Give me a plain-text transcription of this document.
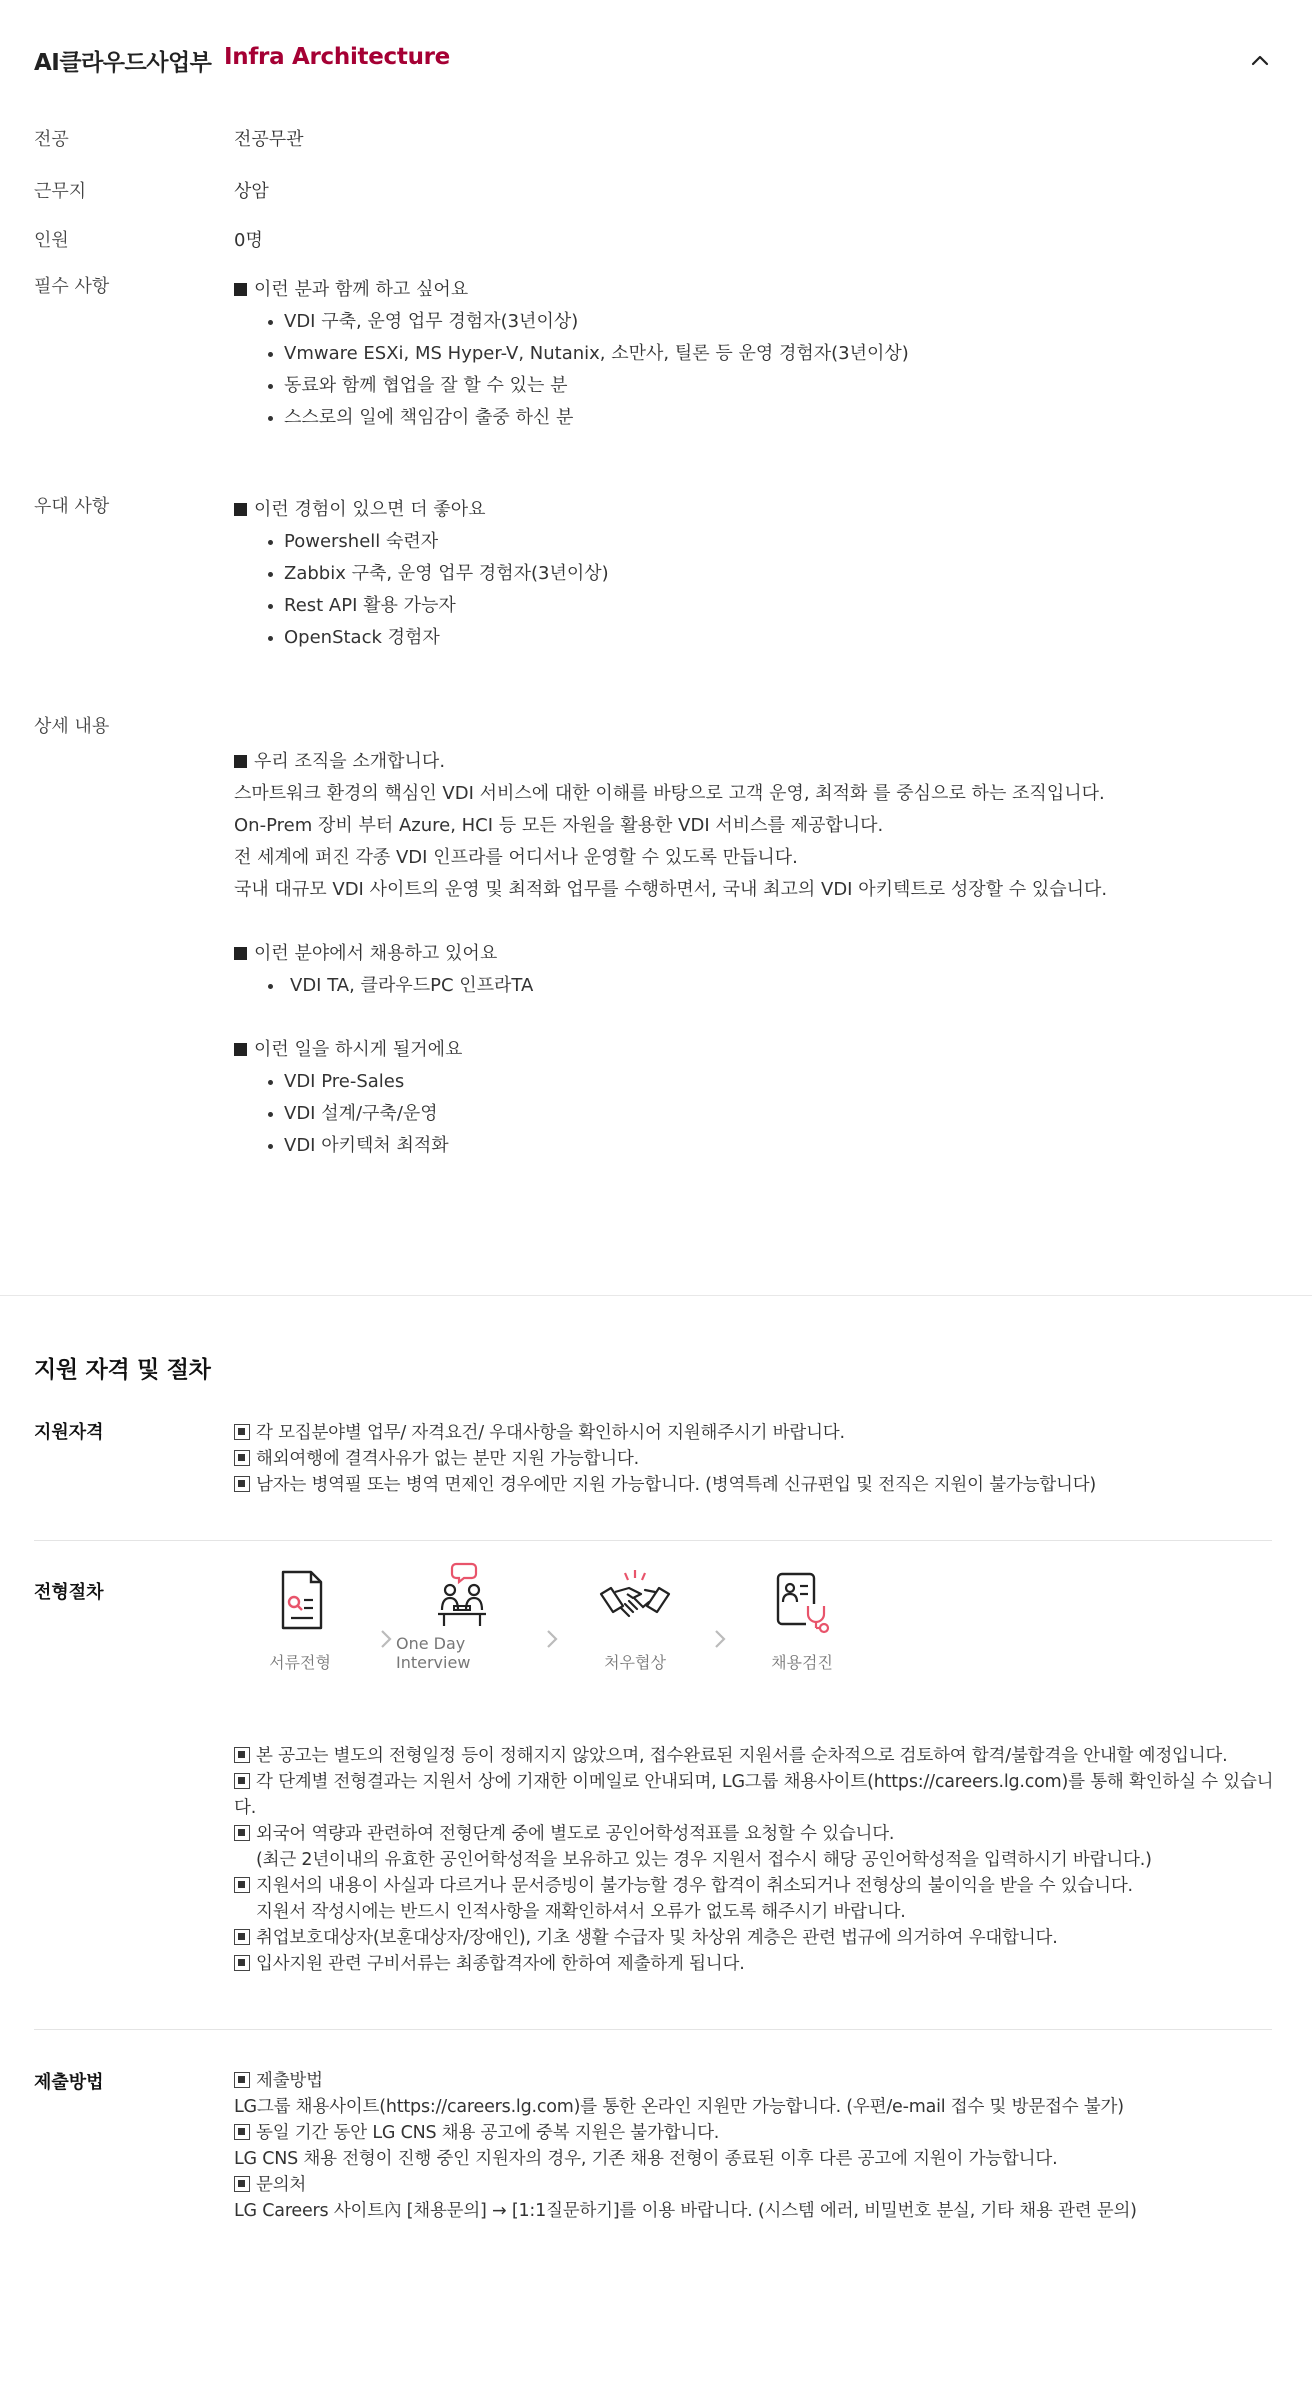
AI클라우드사업부 Infra Architecture
전공	전공무관
근무지	상암
인원	0명
필수 사항	이런 분과 함께 하고 싶어요
VDI 구축, 운영 업무 경험자(3년이상)
Vmware ESXi, MS Hyper-V, Nutanix, 소만사, 틸론 등 운영 경험자(3년이상)
동료와 함께 협업을 잘 할 수 있는 분
스스로의 일에 책임감이 출중 하신 분
우대 사항	이런 경험이 있으면 더 좋아요
Powershell 숙련자
Zabbix 구축, 운영 업무 경험자(3년이상)
Rest API 활용 가능자
OpenStack 경험자
상세 내용
우리 조직을 소개합니다.

스마트워크 환경의 핵심인 VDI 서비스에 대한 이해를 바탕으로 고객 운영, 최적화 를 중심으로 하는 조직입니다.

On-Prem 장비 부터 Azure, HCI 등 모든 자원을 활용한 VDI 서비스를 제공합니다.

전 세계에 퍼진 각종 VDI 인프라를 어디서나 운영할 수 있도록 만듭니다.

국내 대규모 VDI 사이트의 운영 및 최적화 업무를 수행하면서, 국내 최고의 VDI 아키텍트로 성장할 수 있습니다.

이런 분야에서 채용하고 있어요
VDI TA, 클라우드PC 인프라TA
이런 일을 하시게 될거에요
VDI Pre-Sales
VDI 설계/구축/운영
VDI 아키텍처 최적화
지원 자격 및 절차
지원자격	각 모집분야별 업무/ 자격요건/ 우대사항을 확인하시어 지원해주시기 바랍니다.
해외여행에 결격사유가 없는 분만 지원 가능합니다.
남자는 병역필 또는 병역 면제인 경우에만 지원 가능합니다. (병역특례 신규편입 및 전직은 지원이 불가능합니다)
전형절차
서류전형
One Day Interview	처우협상	채용검진
본 공고는 별도의 전형일정 등이 정해지지 않았으며, 접수완료된 지원서를 순차적으로 검토하여 합격/불합격을 안내할 예정입니다.
각 단계별 전형결과는 지원서 상에 기재한 이메일로 안내되며, LG그룹 채용사이트(https://careers.lg.com)를 통해 확인하실 수 있습니다.
외국어 역량과 관련하여 전형단계 중에 별도로 공인어학성적표를 요청할 수 있습니다.
(최근 2년이내의 유효한 공인어학성적을 보유하고 있는 경우 지원서 접수시 해당 공인어학성적을 입력하시기 바랍니다.)
지원서의 내용이 사실과 다르거나 문서증빙이 불가능할 경우 합격이 취소되거나 전형상의 불이익을 받을 수 있습니다.
지원서 작성시에는 반드시 인적사항을 재확인하셔서 오류가 없도록 해주시기 바랍니다.
취업보호대상자(보훈대상자/장애인), 기초 생활 수급자 및 차상위 계층은 관련 법규에 의거하여 우대합니다.
입사지원 관련 구비서류는 최종합격자에 한하여 제출하게 됩니다.
제출방법	제출방법
LG그룹 채용사이트(https://careers.lg.com)를 통한 온라인 지원만 가능합니다. (우편/e-mail 접수 및 방문접수 불가)
동일 기간 동안 LG CNS 채용 공고에 중복 지원은 불가합니다.
LG CNS 채용 전형이 진행 중인 지원자의 경우, 기존 채용 전형이 종료된 이후 다른 공고에 지원이 가능합니다.
문의처
LG Careers 사이트內 [채용문의] → [1:1질문하기]를 이용 바랍니다. (시스템 에러, 비밀번호 분실, 기타 채용 관련 문의)
